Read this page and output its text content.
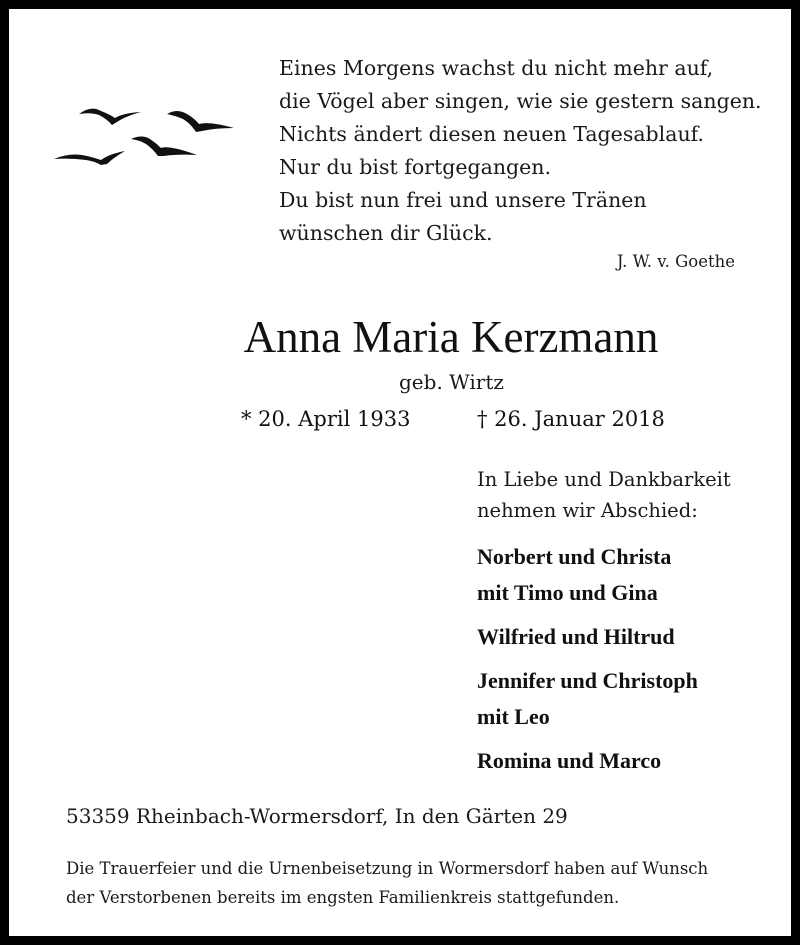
Eines Morgens wachst du nicht mehr auf,
die Vögel aber singen, wie sie gestern sangen.
Nichts ändert diesen neuen Tagesablauf.
Nur du bist fortgegangen.
Du bist nun frei und unsere Tränen
wünschen dir Glück.
J. W. v. Goethe
Anna Maria Kerzmann
geb. Wirtz
* 20. April 1933	† 26. Januar 2018
In Liebe und Dankbarkeit
nehmen wir Abschied:
Norbert und Christa
mit Timo und Gina
Wilfried und Hiltrud
Jennifer und Christoph
mit Leo
Romina und Marco
53359 Rheinbach-Wormersdorf, In den Gärten 29
Die Trauerfeier und die Urnenbeisetzung in Wormersdorf haben auf Wunsch
der Verstorbenen bereits im engsten Familienkreis stattgefunden.
